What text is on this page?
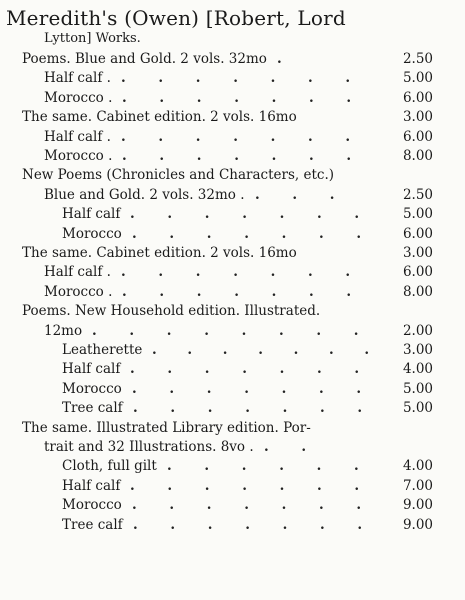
Meredith's (Owen) [Robert, Lord
Lytton] Works.
Poems. Blue and Gold. 2 vols. 32mo .	2.50
Half calf . . . . . . . .	5.00
Morocco . . . . . . . .	6.00
The same. Cabinet edition. 2 vols. 16mo	3.00
Half calf . . . . . . . .	6.00
Morocco . . . . . . . .	8.00
New Poems (Chronicles and Characters, etc.)
Blue and Gold. 2 vols. 32mo . . . .	2.50
Half calf . . . . . . .	5.00
Morocco . . . . . . .	6.00
The same. Cabinet edition. 2 vols. 16mo	3.00
Half calf . . . . . . . .	6.00
Morocco . . . . . . . .	8.00
Poems. New Household edition. Illustrated.
12mo . . . . . . . .	2.00
Leatherette . . . . . . .	3.00
Half calf . . . . . . .	4.00
Morocco . . . . . . .	5.00
Tree calf . . . . . . .	5.00
The same. Illustrated Library edition. Por-
trait and 32 Illustrations. 8vo . . .
Cloth, full gilt . . . . . .	4.00
Half calf . . . . . . .	7.00
Morocco . . . . . . .	9.00
Tree calf . . . . . . .	9.00
